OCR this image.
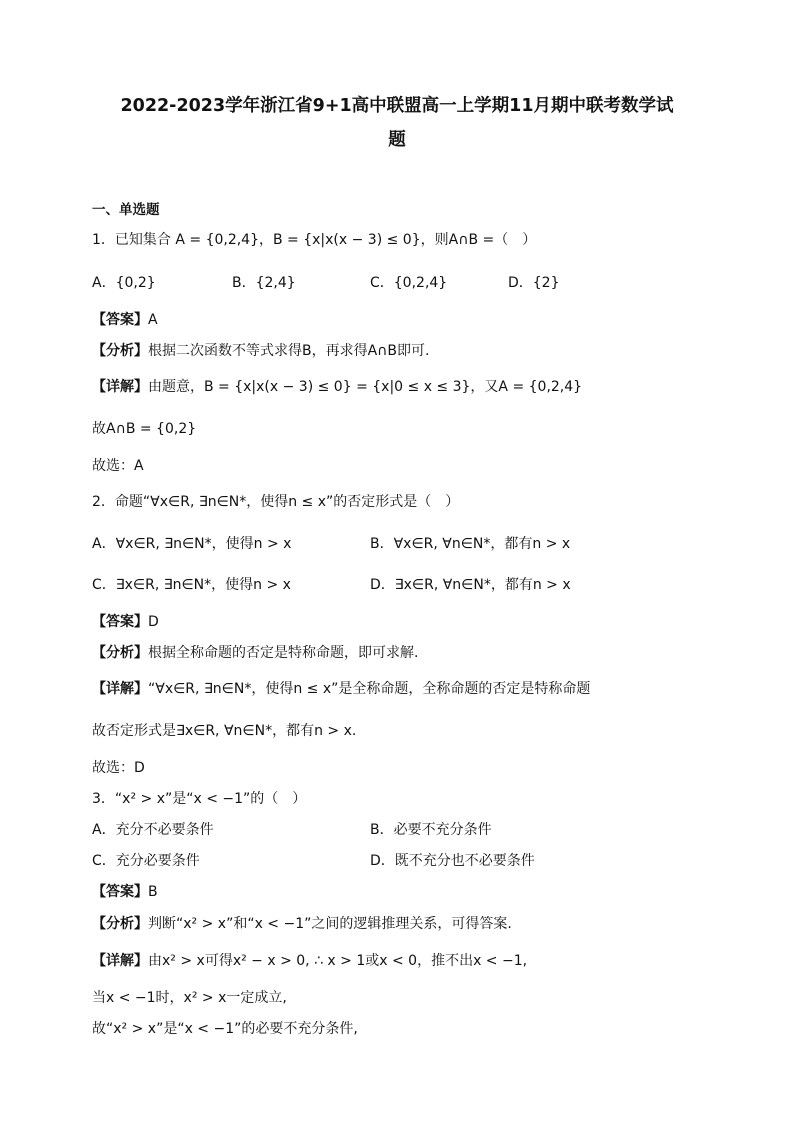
2022-2023学年浙江省9+1高中联盟高一上学期11月期中联考数学试
题
一、单选题
1．已知集合 A = {0,2,4}，B = {x|x(x − 3) ≤ 0}，则A∩B =（　）
A．{0,2}	B．{2,4}	C．{0,2,4}	D．{2}
【答案】A
【分析】根据二次函数不等式求得B，再求得A∩B即可.
【详解】由题意，B = {x|x(x − 3) ≤ 0} = {x|0 ≤ x ≤ 3}，又A = {0,2,4}
故A∩B = {0,2}
故选：A
2．命题“∀x∈R, ∃n∈N*，使得n ≤ x”的否定形式是（　）
A．∀x∈R, ∃n∈N*，使得n > x	B．∀x∈R, ∀n∈N*，都有n > x
C．∃x∈R, ∃n∈N*，使得n > x	D．∃x∈R, ∀n∈N*，都有n > x
【答案】D
【分析】根据全称命题的否定是特称命题，即可求解.
【详解】“∀x∈R, ∃n∈N*，使得n ≤ x”是全称命题，全称命题的否定是特称命题
故否定形式是∃x∈R, ∀n∈N*，都有n > x.
故选：D
3．“x² > x”是“x < −1”的（　）
A．充分不必要条件	B．必要不充分条件
C．充分必要条件	D．既不充分也不必要条件
【答案】B
【分析】判断“x² > x”和“x < −1”之间的逻辑推理关系，可得答案.
【详解】由x² > x可得x² − x > 0, ∴ x > 1或x < 0，推不出x < −1,
当x < −1时，x² > x一定成立,
故“x² > x”是“x < −1”的必要不充分条件,
